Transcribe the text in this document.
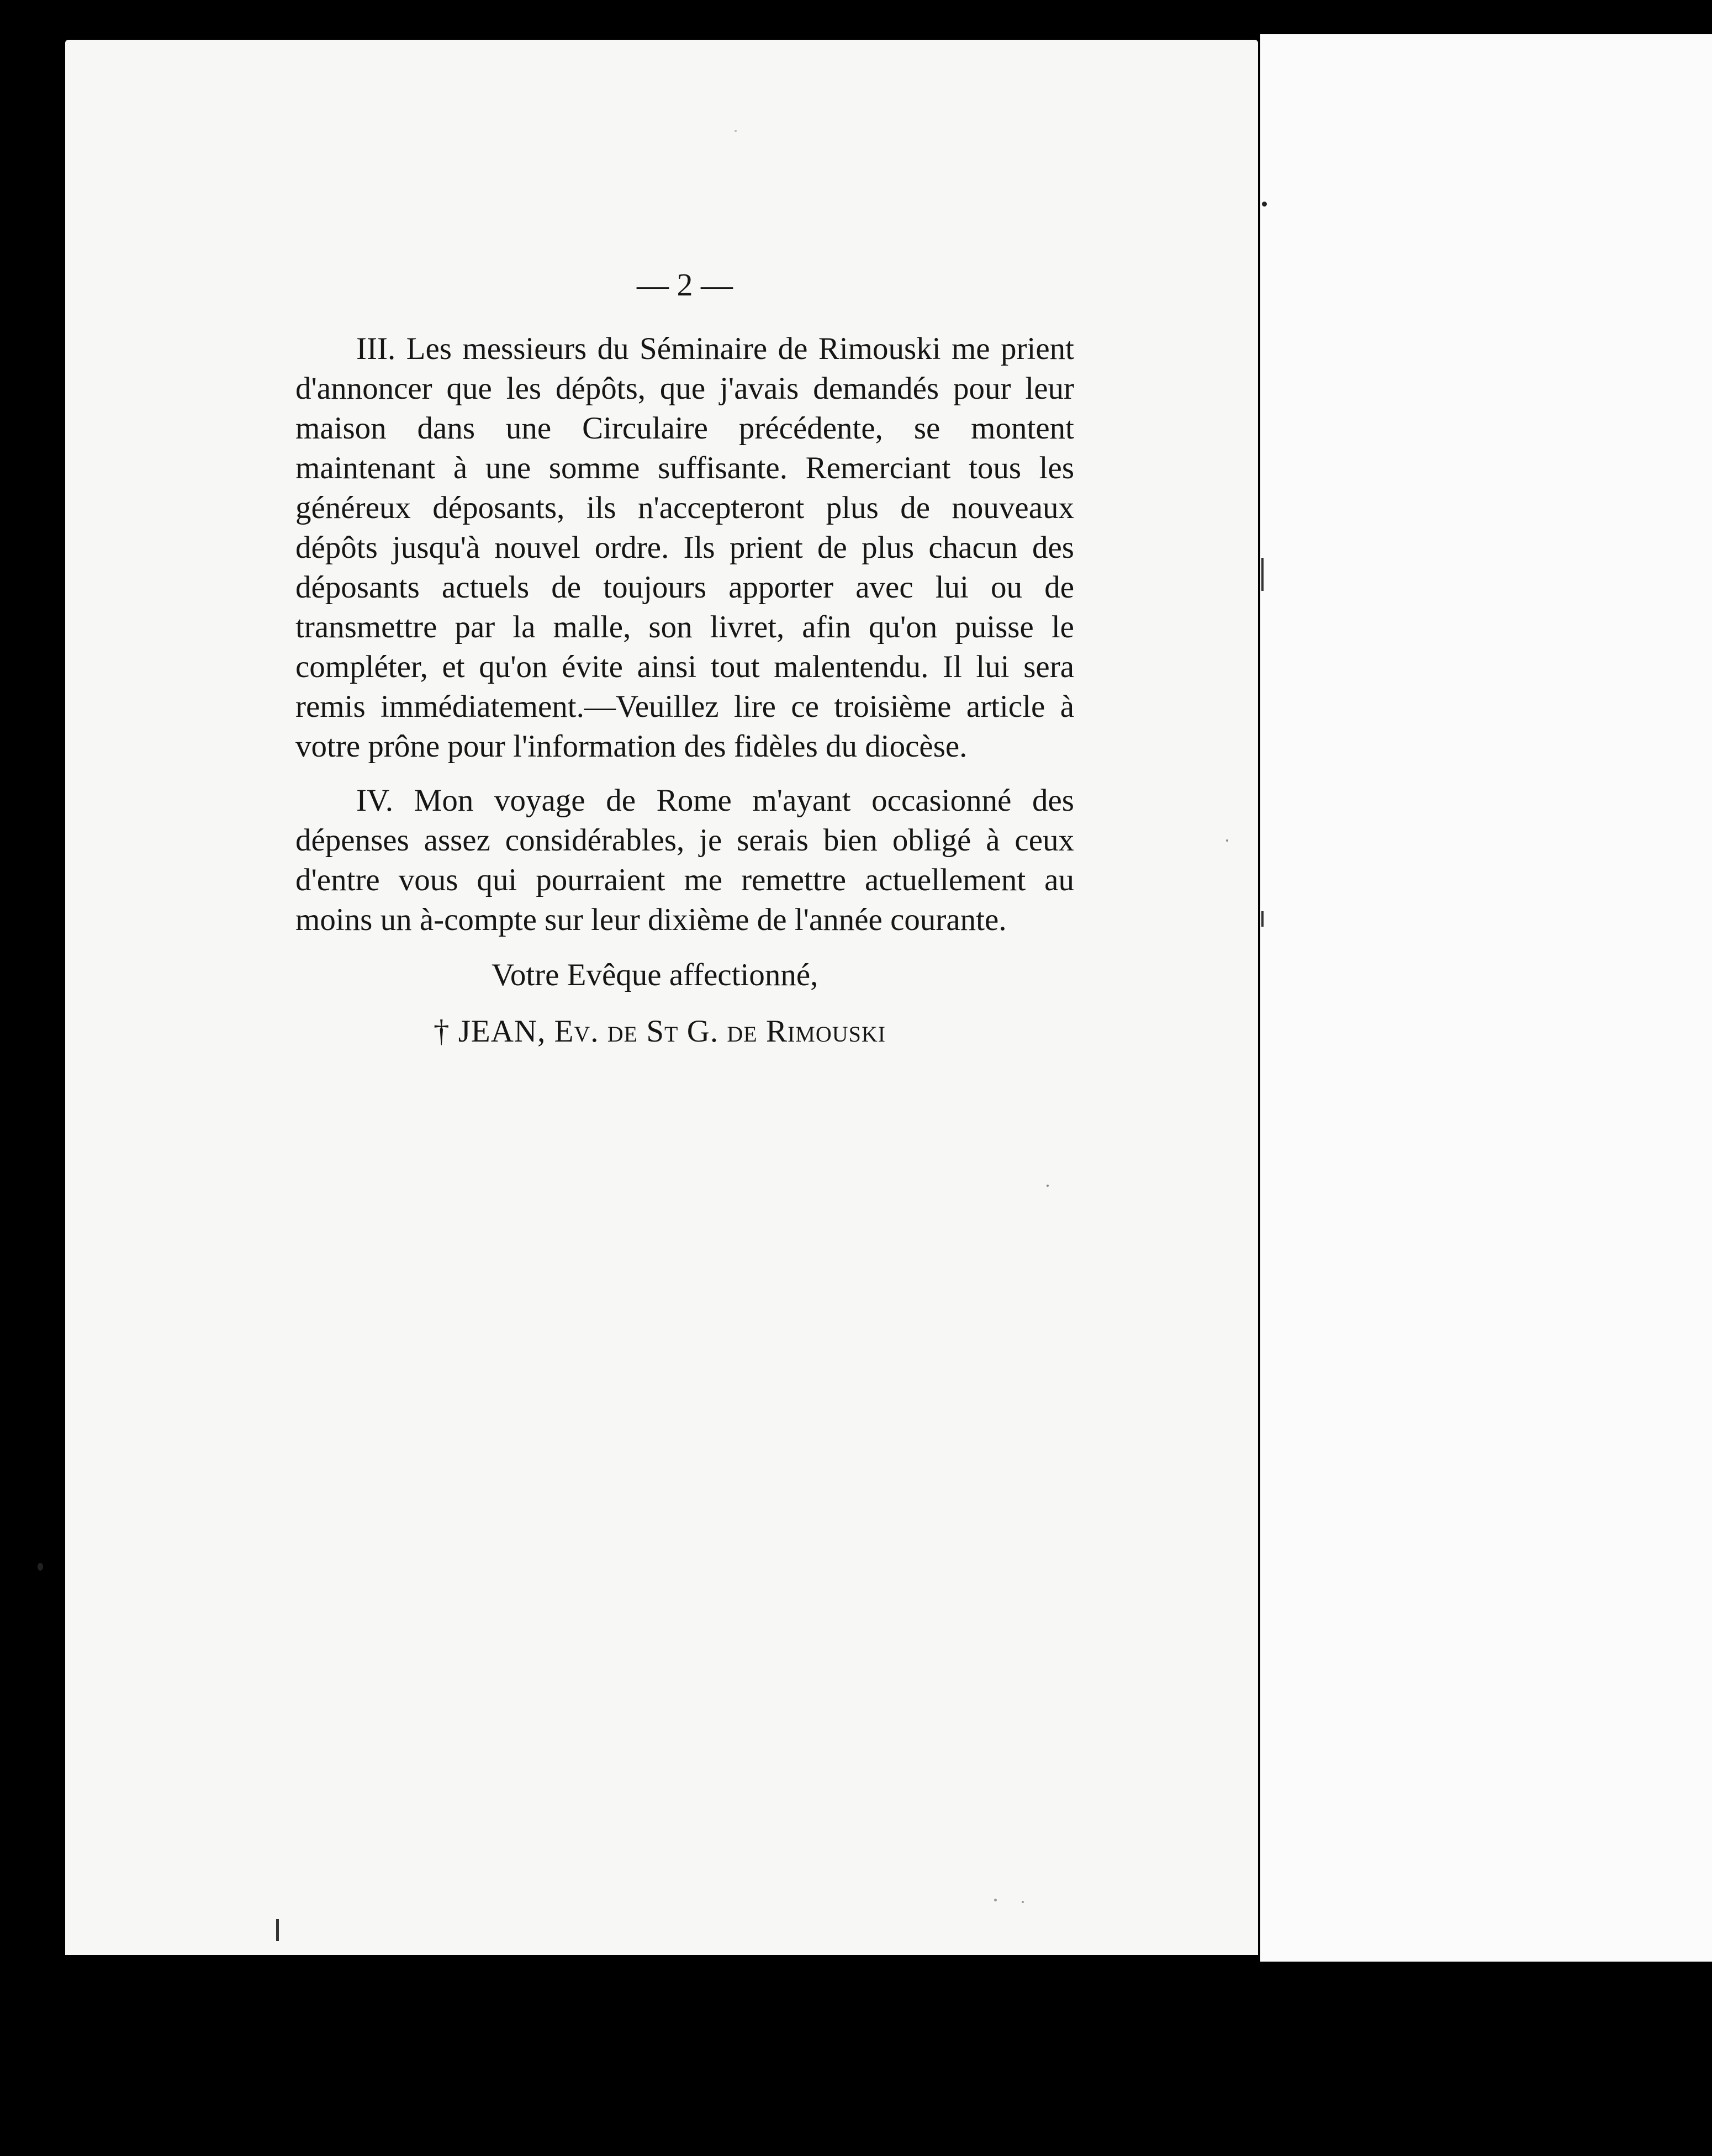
— 2 —

III. Les messieurs du Séminaire de Rimouski me prient d'annoncer que les dépôts, que j'avais demandés pour leur maison dans une Circulaire précédente, se montent maintenant à une somme suffisante. Remerciant tous les généreux déposants, ils n'accepteront plus de nouveaux dépôts jusqu'à nouvel ordre. Ils prient de plus chacun des déposants actuels de toujours apporter avec lui ou de transmettre par la malle, son livret, afin qu'on puisse le compléter, et qu'on évite ainsi tout malentendu. Il lui sera remis immédiatement.—Veuillez lire ce troisième article à votre prône pour l'information des fidèles du diocèse.

IV. Mon voyage de Rome m'ayant occasionné des dépenses assez considérables, je serais bien obligé à ceux d'entre vous qui pourraient me remettre actuellement au moins un à-compte sur leur dixième de l'année courante.

Votre Evêque affectionné,
† JEAN, Ev. de St G. de Rimouski
